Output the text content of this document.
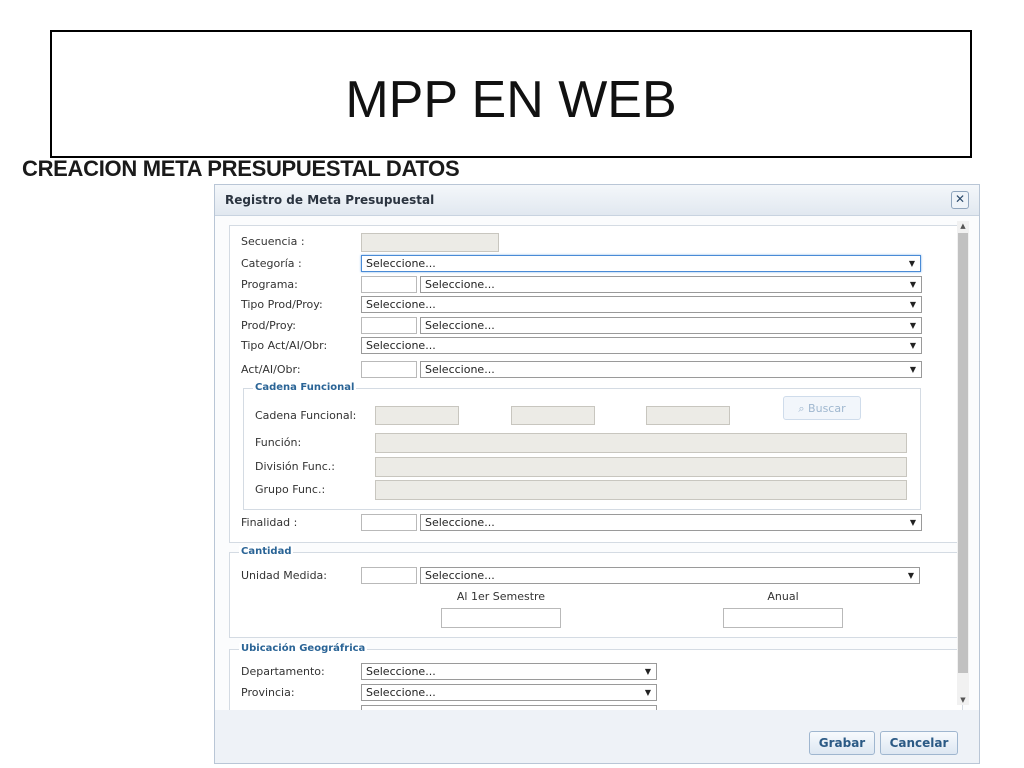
MPP EN WEB
CREACION META PRESUPUESTAL DATOS
Registro de Meta Presupuestal	✕
Secuencia :
Categoría :	Seleccione...	▼
Programa:	Seleccione...	▼
Tipo Prod/Proy:	Seleccione...	▼
Prod/Proy:	Seleccione...	▼
Tipo Act/AI/Obr:	Seleccione...	▼
Act/AI/Obr:	Seleccione...	▼
Cadena Funcional
Cadena Funcional:
⌕ Buscar
Función:
División Func.:
Grupo Func.:
Finalidad :	Seleccione...	▼
Cantidad
Unidad Medida:	Seleccione...	▼
Al 1er Semestre	Anual
Ubicación Geográfrica
Departamento:	Seleccione...	▼
Provincia:	Seleccione...	▼
▲
▼
Grabar	Cancelar
